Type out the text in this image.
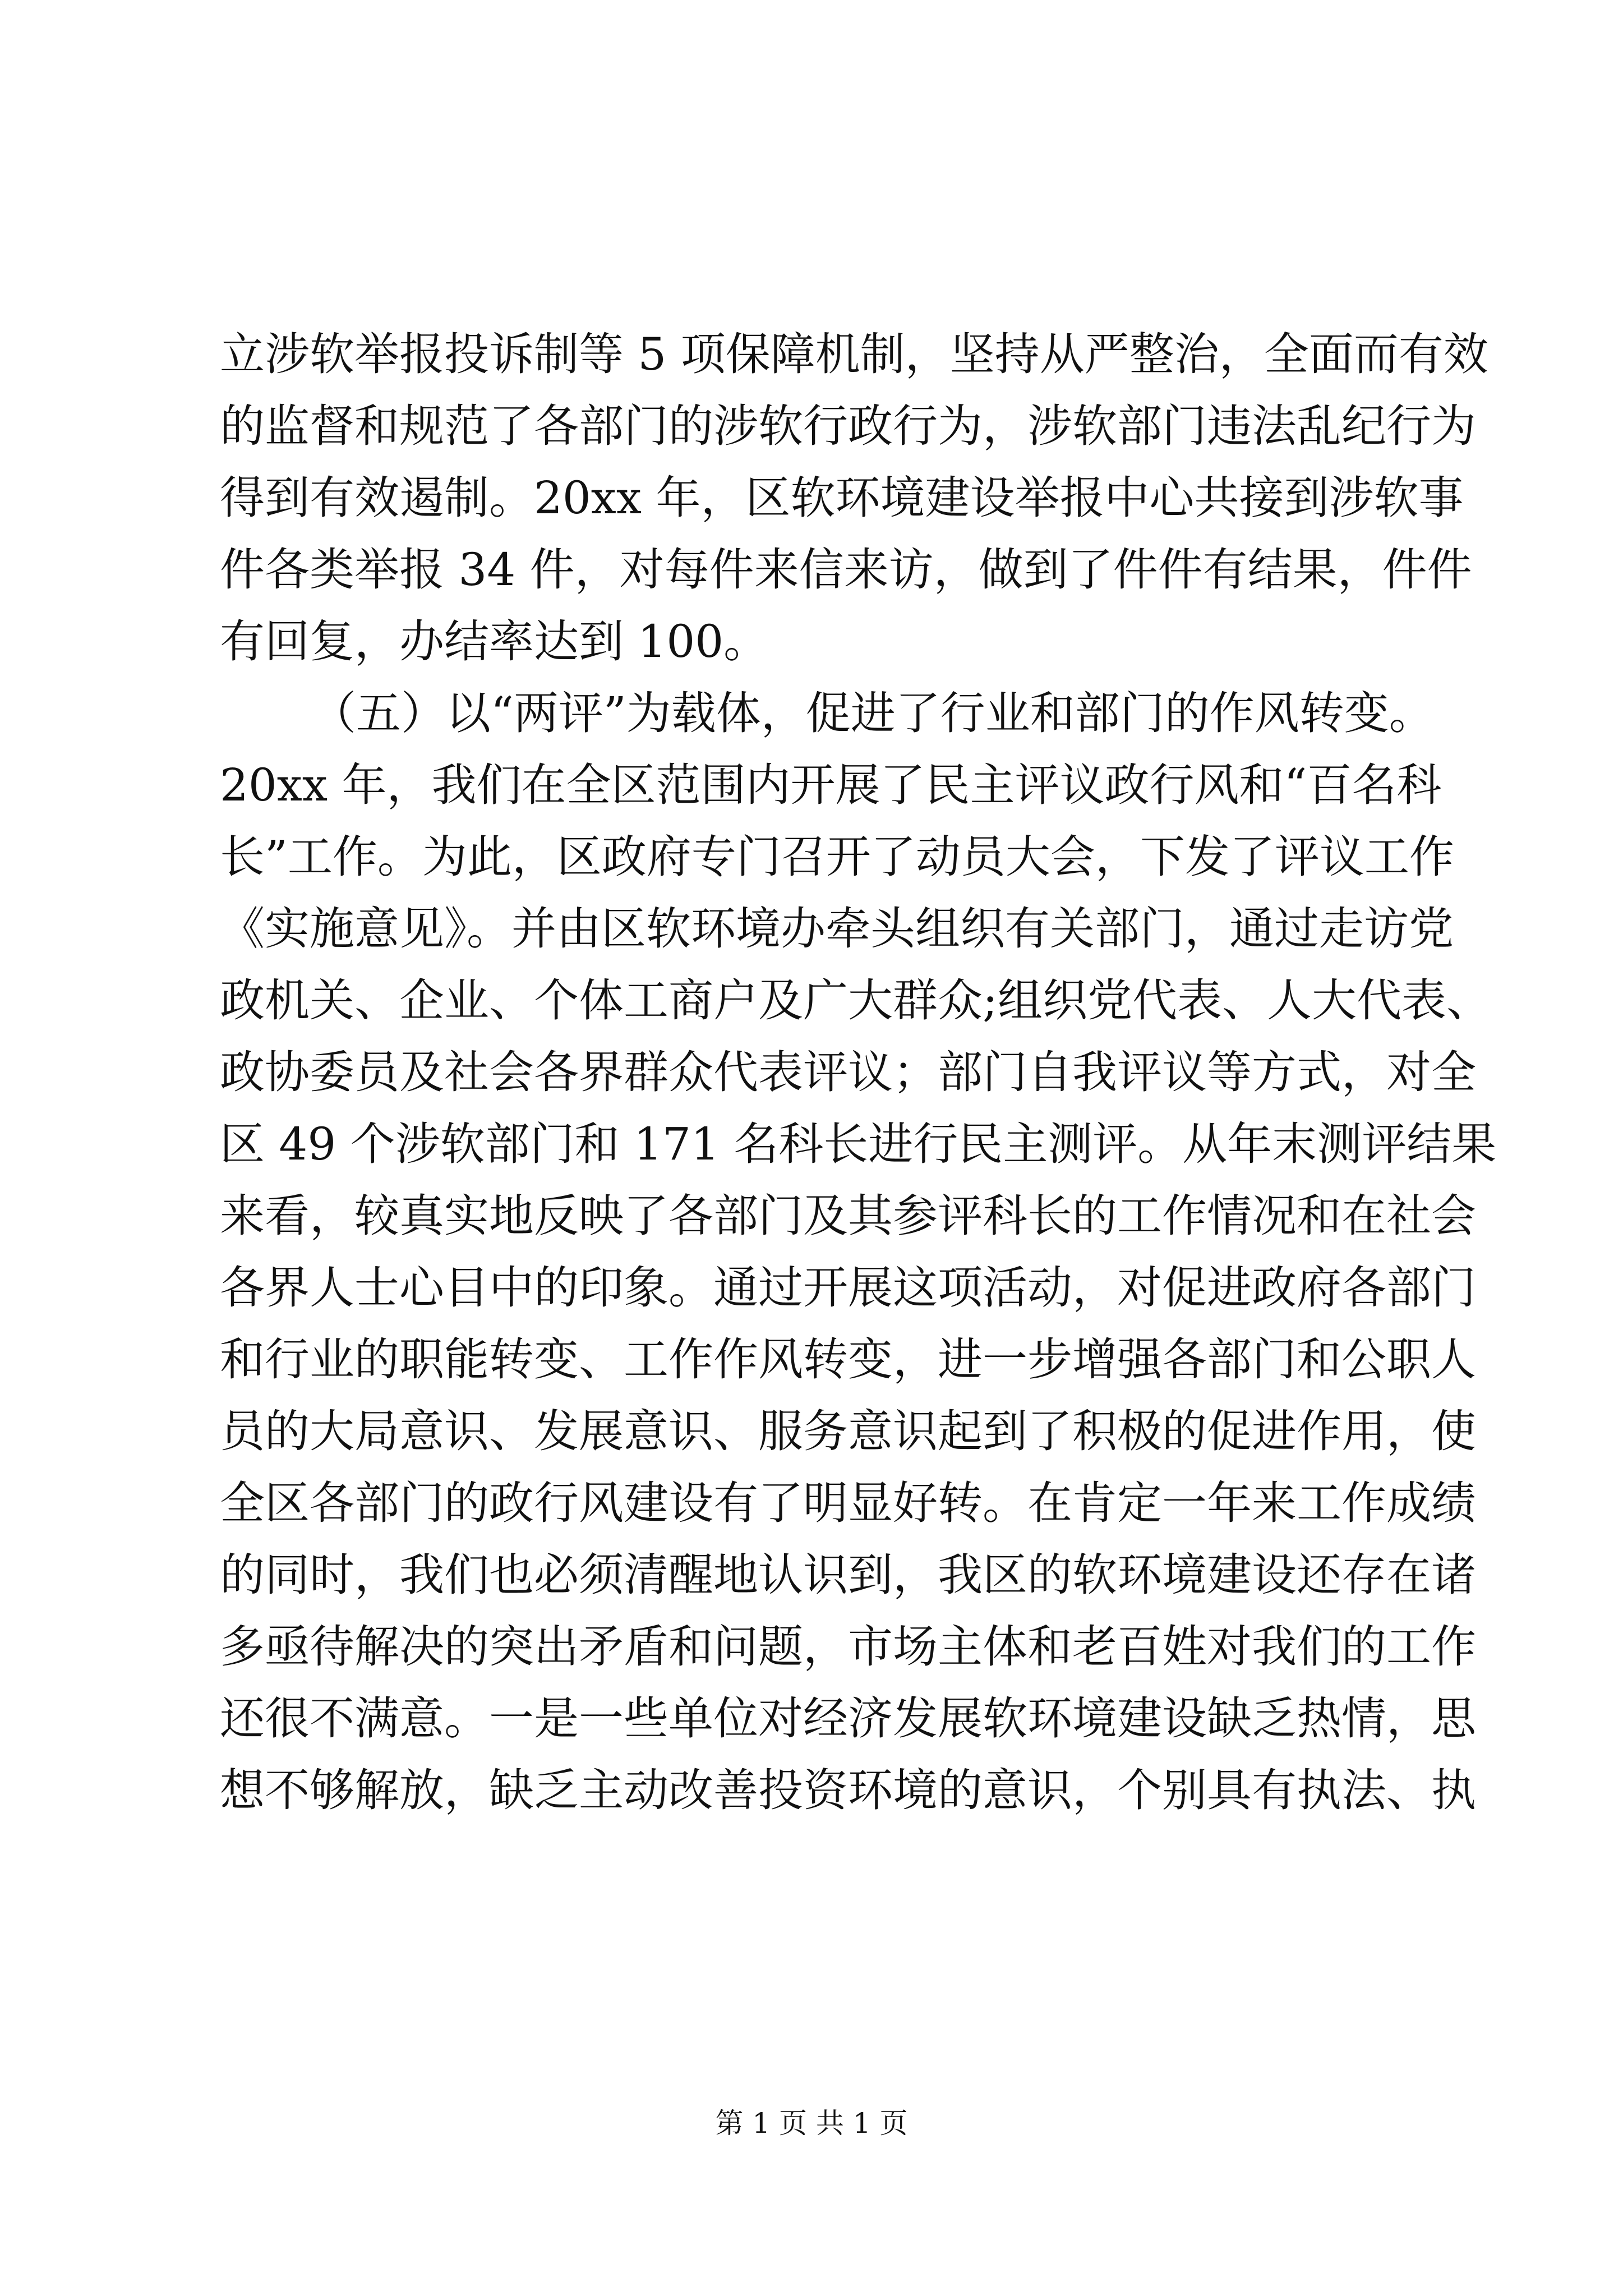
立涉软举报投诉制等 5 项保障机制，坚持从严整治，全面而有效
的监督和规范了各部门的涉软行政行为，涉软部门违法乱纪行为
得到有效遏制。20xx 年，区软环境建设举报中心共接到涉软事
件各类举报 34 件，对每件来信来访，做到了件件有结果，件件
有回复，办结率达到 100。
（五）以“两评”为载体，促进了行业和部门的作风转变。
20xx 年，我们在全区范围内开展了民主评议政行风和“百名科
长”工作。为此，区政府专门召开了动员大会，下发了评议工作
《实施意见》。并由区软环境办牵头组织有关部门，通过走访党
政机关、企业、个体工商户及广大群众;组织党代表、人大代表、
政协委员及社会各界群众代表评议；部门自我评议等方式，对全
区 49 个涉软部门和 171 名科长进行民主测评。从年末测评结果
来看，较真实地反映了各部门及其参评科长的工作情况和在社会
各界人士心目中的印象。通过开展这项活动，对促进政府各部门
和行业的职能转变、工作作风转变，进一步增强各部门和公职人
员的大局意识、发展意识、服务意识起到了积极的促进作用，使
全区各部门的政行风建设有了明显好转。在肯定一年来工作成绩
的同时，我们也必须清醒地认识到，我区的软环境建设还存在诸
多亟待解决的突出矛盾和问题，市场主体和老百姓对我们的工作
还很不满意。一是一些单位对经济发展软环境建设缺乏热情，思
想不够解放，缺乏主动改善投资环境的意识，个别具有执法、执
第 1 页 共 1 页
